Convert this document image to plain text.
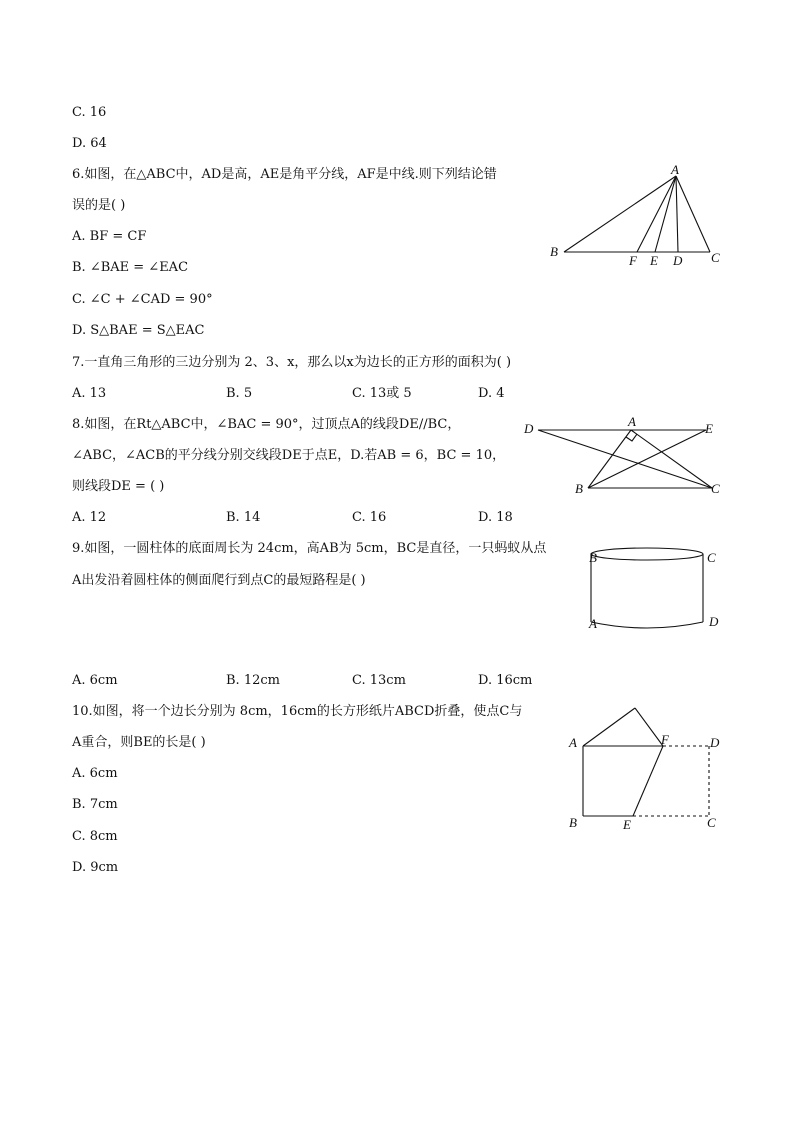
C. 16
D. 64
6.如图，在△ABC中，AD是高，AE是角平分线，AF是中线.则下列结论错
误的是( )
A. BF = CF
B. ∠BAE = ∠EAC
C. ∠C + ∠CAD = 90°
D. S△BAE = S△EAC
A
B	C
D
E
F
7.一直角三角形的三边分别为 2、3、x，那么以x为边长的正方形的面积为( )
A. 13	B. 5	C. 13或 5	D. 4
8.如图，在Rt△ABC中，∠BAC = 90°，过顶点A的线段DE//BC，
∠ABC，∠ACB的平分线分别交线段DE于点E，D.若AB = 6，BC = 10，
则线段DE = ( )
A. 12	B. 14	C. 16	D. 18
A
B	C
D	E
9.如图，一圆柱体的底面周长为 24cm，高AB为 5cm，BC是直径，一只蚂蚁从点
A出发沿着圆柱体的侧面爬行到点C的最短路程是( )
A. 6cm	B. 12cm	C. 13cm	D. 16cm
B	C
A	D
10.如图，将一个边长分别为 8cm，16cm的长方形纸片ABCD折叠，使点C与
A重合，则BE的长是( )
A. 6cm
B. 7cm
C. 8cm
D. 9cm
A
B	C
D
E
F
